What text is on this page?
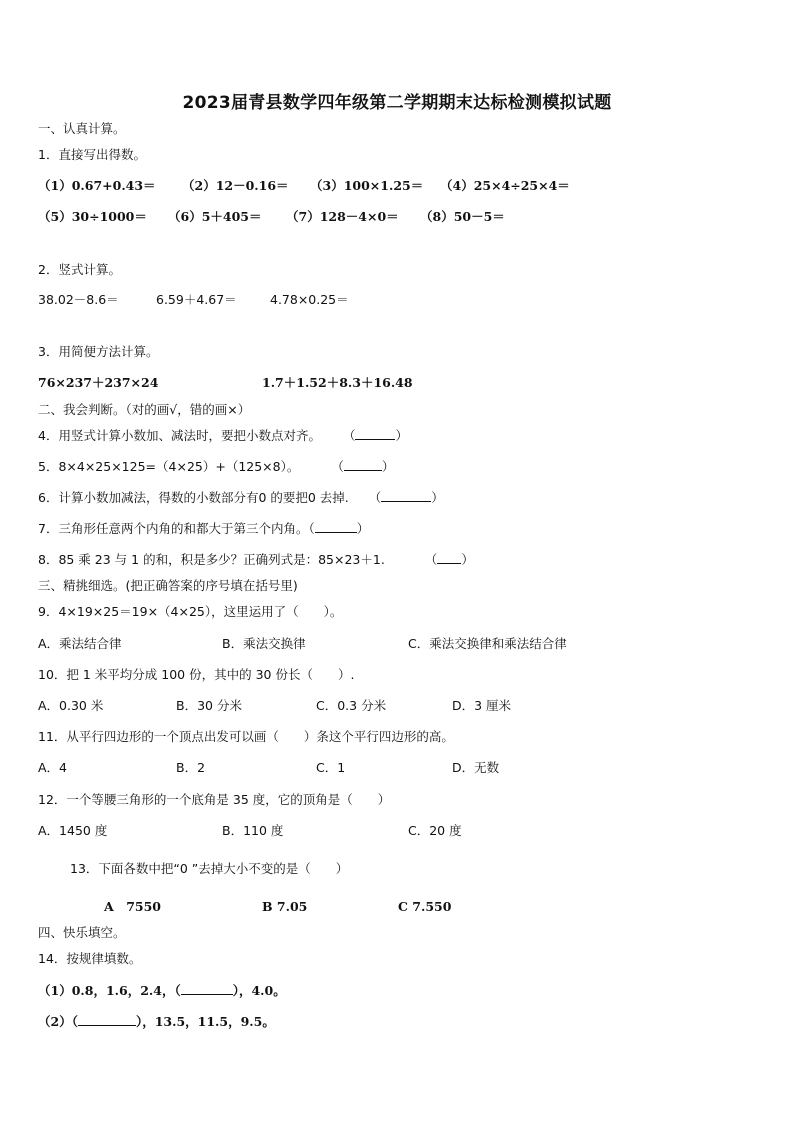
2023届青县数学四年级第二学期期末达标检测模拟试题
一、认真计算。
1．直接写出得数。
（1）0.67+0.43＝ （2）12－0.16＝ （3）100×1.25＝ （4）25×4÷25×4＝
（5）30÷1000＝ （6）5＋405＝ （7）128－4×0＝ （8）50－5＝
2．竖式计算。
38.02－8.6＝	6.59＋4.67＝	4.78×0.25＝
3．用简便方法计算。
76×237＋237×24	1.7＋1.52＋8.3＋16.48
二、我会判断。（对的画√，错的画×）
4．用竖式计算小数加、减法时，要把小数点对齐。 （	）
5．8×4×25×125=（4×25）+（125×8）。	（	）
6．计算小数加减法，得数的小数部分有0 的要把0 去掉. （	）
7．三角形任意两个内角的和都大于第三个内角。（	）
8．85 乘 23 与 1 的和，积是多少？正确列式是：85×23＋1.	（ ）
三、精挑细选。(把正确答案的序号填在括号里)
9．4×19×25＝19×（4×25），这里运用了（　　）。
A．乘法结合律	B．乘法交换律	C．乘法交换律和乘法结合律
10．把 1 米平均分成 100 份，其中的 30 份长（　　）.
A．0.30 米	B．30 分米	C．0.3 分米	D．3 厘米
11．从平行四边形的一个顶点出发可以画（　　）条这个平行四边形的高。
A．4	B．2	C．1	D．无数
12．一个等腰三角形的一个底角是 35 度，它的顶角是（　　）
A．1450 度	B．110 度	C．20 度
13．下面各数中把“0 ”去掉大小不变的是（　　）
A　7550	B 7.05	C 7.550
四、快乐填空。
14．按规律填数。
（1）0.8，1.6，2.4，（	），4.0。
（2）（	），13.5，11.5，9.5。
